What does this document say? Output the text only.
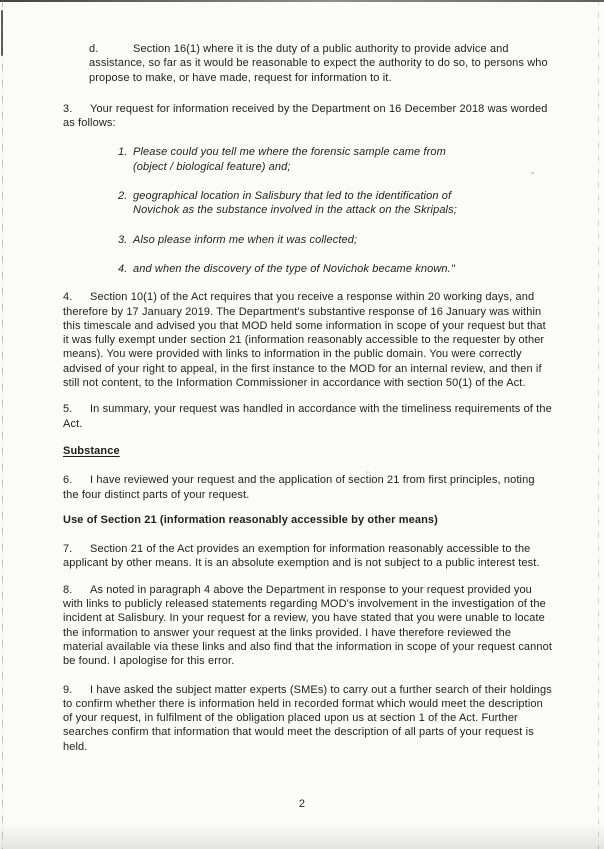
d.	Section 16(1) where it is the duty of a public authority to provide advice and assistance, so far as it would be reasonable to expect the authority to do so, to persons who propose to make, or have made, request for information to it.
3. Your request for information received by the Department on 16 December 2018 was worded as follows:
1. Please could you tell me where the forensic sample came from (object / biological feature) and;
2. geographical location in Salisbury that led to the identification of Novichok as the substance involved in the attack on the Skripals;
3. Also please inform me when it was collected;
4. and when the discovery of the type of Novichok became known."
4. Section 10(1) of the Act requires that you receive a response within 20 working days, and therefore by 17 January 2019. The Department's substantive response of 16 January was within this timescale and advised you that MOD held some information in scope of your request but that it was fully exempt under section 21 (information reasonably accessible to the requester by other means). You were provided with links to information in the public domain. You were correctly advised of your right to appeal, in the first instance to the MOD for an internal review, and then if still not content, to the Information Commissioner in accordance with section 50(1) of the Act.
5. In summary, your request was handled in accordance with the timeliness requirements of the Act.
Substance
6. I have reviewed your request and the application of section 21 from first principles, noting the four distinct parts of your request.
Use of Section 21 (information reasonably accessible by other means)
7. Section 21 of the Act provides an exemption for information reasonably accessible to the applicant by other means. It is an absolute exemption and is not subject to a public interest test.
8. As noted in paragraph 4 above the Department in response to your request provided you with links to publicly released statements regarding MOD's involvement in the investigation of the incident at Salisbury. In your request for a review, you have stated that you were unable to locate the information to answer your request at the links provided. I have therefore reviewed the material available via these links and also find that the information in scope of your request cannot be found. I apologise for this error.
9. I have asked the subject matter experts (SMEs) to carry out a further search of their holdings to confirm whether there is information held in recorded format which would meet the description of your request, in fulfilment of the obligation placed upon us at section 1 of the Act. Further searches confirm that information that would meet the description of all parts of your request is held.
2
